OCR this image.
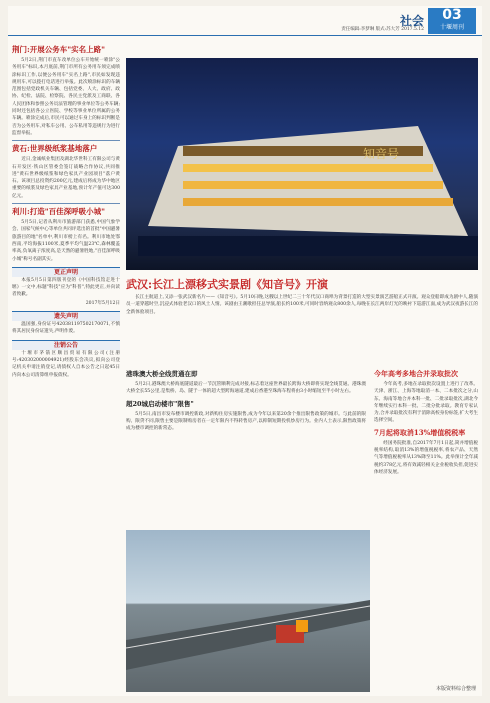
社会
责任编辑:李梦琳 版式:苏大芳 2017.5.12
03
十堰周刊
荆门:开展公务车"实名上路"

5月2日,荆门市直车改单位公车开始统一喷涂"公务用车"标识,本月底前,荆门市所有公务用车须完成喷涂标识工作,以便公务用车"实名上路",市民如发现违规用车,可以拨打电话进行举报。此次喷涂标识的车辆范围包括党政机关车辆、包括党委、人大、政府、政协、纪检、法院、检察院、各民主党派及工商联、各人民团体和参照公务员法管理的事业单位等公务车辆;同时还包括各公立医院、学校等事业单位所属的公务车辆。喷涂完成后,市民可以通过车身上的标识判断是否为公务用车,对私车公用、公车私用等违规行为进行监督举报。

黄石:世界级纸浆基地落户

近日,金诚纸业集团及湖北华世科工有限公司与黄石开发区·铁山区管委会签订战略合作协议,共同推进"黄石世界级纸浆和绿色家具产业园项目"落户黄石。该项目总投资约200亿元,建成后将成为华中地区重要的纸浆及绿色家具产业基地,预计年产值可达300亿元。

利川:打造"百佳深呼吸小城"

5月5日,记者从利川市旅游部门获悉,中国气象学会、国家气候中心等单位共同评选出的首批"中国避暑旅游目的地"名单中,利川市榜上有名。利川市地处鄂西南,平均海拔1100米,夏季平均气温23℃,森林覆盖率高,负氧离子浓度高,是天然的避暑胜地,"百佳深呼吸小城"称号名副其实。

更正声明

本报5月5日第四版刊登的《中国科技馆走进十堰》一文中,标题"科技"应为"科普",特此更正,并向读者致歉。

2017年5月12日
遗失声明

温国强,身份证号420381197502170071,不慎将其居民身份证遗失,声明作废。

注销公告

十堰市茅箭区顺昌贸易有限公司(注册号:420302000004921)经股东会决议,拟向公司登记机关申请注销登记,请债权人自本公告之日起45日内向本公司清算组申报债权。

知音号
武汉:长江上漂移式实景剧《知音号》开演

长江主航道上,又添一张武汉新名片——《知音号》。5月10日晚,这艘以上世纪二三十年代汉口商埠为背景打造的大型实景演艺游船正式开演。观众登船即成为剧中人,随演员一道穿越时空,沉浸式体验老汉口的风土人情。该剧由王潮歌担任总导演,船长约100米,可同时容纳观众800余人,每晚在长江两岸灯光的映衬下巡游江面,成为武汉夜游长江的全新体验项目。

港珠澳大桥全线贯通在即

5月2日,港珠澳大桥海底隧道最后一节沉管顺利完成对接,标志着这座世界最长跨海大桥即将实现全线贯通。港珠澳大桥全长55公里,是集桥、岛、隧于一体的超大型跨海通道,建成后香港至珠海车程将由3小时缩短至半小时左右。

超20城启动楼市"限售"

5月5日,南昌市发布楼市调控新政,对新购住房实施限售,成为今年以来第20余个推出限售政策的城市。与此前的限购、限贷不同,限售主要是限制购房者在一定年限内不得转售房产,以抑制短期投机炒房行为。业内人士表示,限售政策将成为楼市调控的新常态。

今年高考多地合并录取批次

今年高考,多地在录取批次设置上进行了改革。天津、浙江、上海等地取消一本、二本批次之分,山东、海南等地合并本科一批、二批录取批次,湖北今年继续实行本科一批、二批分批录取。教育专家认为,合并录取批次有利于消除高校身份标签,扩大考生选择空间。

7月起将取消13%增值税税率

经国务院批准,自2017年7月1日起,简并增值税税率结构,取消13%的增值税税率,将农产品、天然气等增值税税率从13%降至11%。此举预计全年减税约378亿元,将有效减轻相关企业税收负担,促进实体经济发展。

本版资料综合整理
